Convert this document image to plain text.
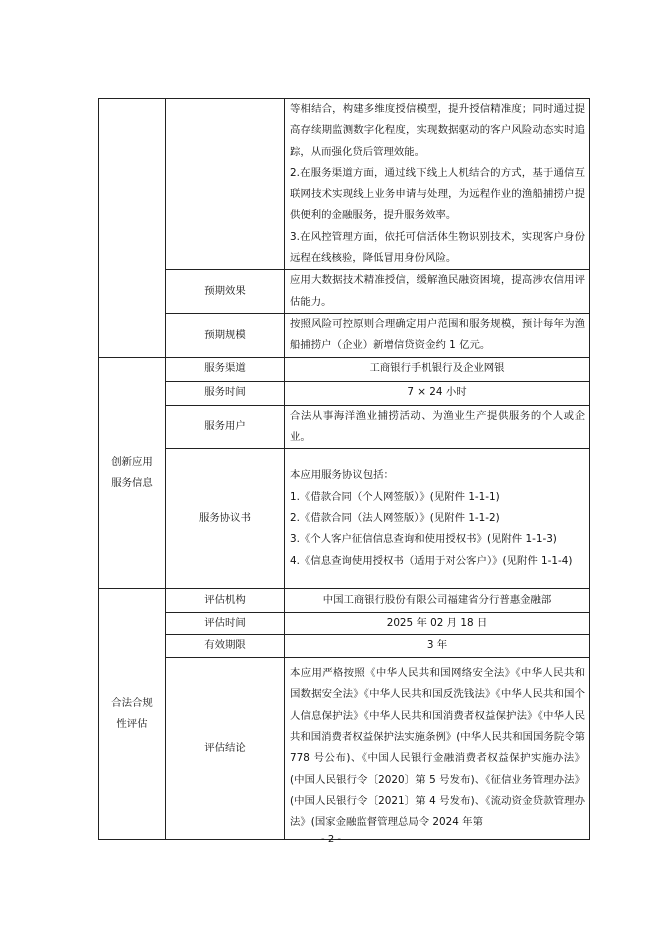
		等相结合，构建多维度授信模型，提升授信精准度；同时通过提高存续期监测数字化程度，实现数据驱动的客户风险动态实时追踪，从而强化贷后管理效能。
2.在服务渠道方面，通过线下线上人机结合的方式，基于通信互联网技术实现线上业务申请与处理，为远程作业的渔船捕捞户提供便利的金融服务，提升服务效率。
3.在风控管理方面，依托可信活体生物识别技术，实现客户身份远程在线核验，降低冒用身份风险。

	预期效果	应用大数据技术精准授信，缓解渔民融资困境，提高涉农信用评估能力。
	预期规模	按照风险可控原则合理确定用户范围和服务规模，预计每年为渔船捕捞户（企业）新增信贷资金约 1 亿元。

创新应用
服务信息	服务渠道	工商银行手机银行及企业网银
	服务时间	7 × 24 小时
	服务用户	合法从事海洋渔业捕捞活动、为渔业生产提供服务的个人或企业。
	服务协议书	本应用服务协议包括：
1.《借款合同（个人网签版）》(见附件 1-1-1)
2.《借款合同（法人网签版）》(见附件 1-1-2)
3.《个人客户征信信息查询和使用授权书》(见附件 1-1-3)
4.《信息查询使用授权书（适用于对公客户）》(见附件 1-1-4)

合法合规
性评估	评估机构	中国工商银行股份有限公司福建省分行普惠金融部
	评估时间	2025 年 02 月 18 日
	有效期限	3 年
	评估结论	本应用严格按照《中华人民共和国网络安全法》《中华人民共和国数据安全法》《中华人民共和国反洗钱法》《中华人民共和国个人信息保护法》《中华人民共和国消费者权益保护法》《中华人民共和国消费者权益保护法实施条例》(中华人民共和国国务院令第 778 号公布)、《中国人民银行金融消费者权益保护实施办法》(中国人民银行令〔2020〕第 5 号发布)、《征信业务管理办法》(中国人民银行令〔2021〕第 4 号发布)、《流动资金贷款管理办法》(国家金融监督管理总局令 2024 年第
- 2 -
